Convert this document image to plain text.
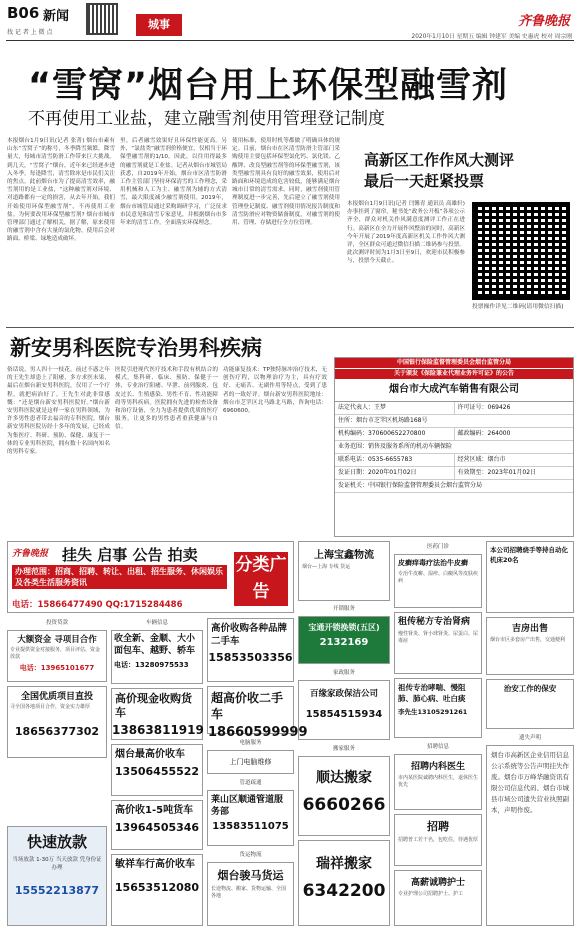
B06 新闻
找 记 者 上 微 点
城事	齐鲁晚报
2020年1月10日 星期五 编辑 钟建军 美编 史惠虎 校对 周宗刚
“雪窝”烟台用上环保型融雪剂
不再使用工业盐，建立融雪剂使用管理登记制度
本报烟台1月9日讯(记者 张菁) 烟台市素有山东“雪窝子”的称号，冬季降雪频繁，降雪量大，每城市清雪防滑工作带来巨大挑战。到几天，“雪窝子”烟台，近年来已经逐步进入冬季，每逢降雪，清雪除冰是市民们关注的焦点。此前烟台市为了提高清雪效率，融雪剂用的是工业盐，“这种融雪剂对环境、对道路都有一定的损害，从去年开始，我们开始使用环保型融雪剂”，不再使用工业盐。为何要改用环保型融雪剂? 烟台市城市管理部门通过了解相关，据了解，原来使用的融雪剂中含有大量的氯化物，使用后会对路面、桥梁、绿地造成破坏。
里，后者融雪效果好且环保性能更高。另外，“氯盐类”融雪剂价格便宜，仅相当于环保型融雪剂的1/10。因此，以往用得最多的融雪剂就是工业盐。记者从烟台市城管局获悉，自2019年开始，烟台市区清雪防滑工作主管部门坚持环保清雪的工作理念，采用机械和人工为主、融雪剂为辅的方式清雪，最大限度减少融雪剂使用。2019年，烟台市城管局通过采购调研学习，广泛征求市民意见和清雪专家意见，并根据烟台市多年来的清雪工作，全面落实环保理念。
使用标准，使用时机等都做了明确具体的规定。目前，烟台市在区清雪防滑主管部门采购使用主要包括环保型氯化钙、氯化镁、乙酸钾、改良型融雪剂等的环保型融雪剂，该类型融雪剂具有良好的融雪效果，使用后对路面和环境造成的危害较低，能够满足烟台城市日常的清雪需求。同时，融雪剂使用管理制度进一步完善，先后建立了融雪剂使用管理登记制度、融雪剂使用情况报告制度和清雪防滑应对物资储备制度，对融雪剂的使用、管理、存储进行全方位管理。
高新区工作作风大测评
最后一天赶紧投票
本报烟台1月9日讯(记者 闫馨青 通讯员 高雄轩) 办事挂到了窗帘，秘书处“政务公开板”各项公示齐全，群众对机关作风满意度测评工作正在进行。高新区在全力开展作风整治的同时，高新区今年开展了2019年度高新区机关工作作风大测评，全区群众可通过微信扫描二维码参与投票。此次测评时间为1月3日至9日，欢迎市民积极参与，投票今天截止。
投票操作详见二维码(请用微信扫描)
新安男科医院专治男科疾病
俗话说，男人四十一枝花，前过不惑之年的王先生却患上了阳痿，多方求医未果，最后在烟台新安男科医院，仅用了一个疗程，就把病治好了。王先生对此非常感慨：“还是烟台新安男科医院好。”烟台新安男科医院就是这样一家在男科领域，为许多男性患者带去福音的专科医院。烟台新安男科医院历经十多年的发展，已经成为集医疗、科研、预防、保健、康复于一体的专业男科医院，拥有数十名国内知名的男科专家。
医院引进现代医疗技术和手段有机结合的模式，集科研、临床、预防、保健于一体，专业治疗阳痿、早泄、前列腺炎、包皮过长、生殖感染、男性不育、性功能障碍等男科疾病。医院拥有先进的检查设备和治疗设备，全力为患者提供优质的医疗服务，让更多的男性患者重获健康与自信。
功能康复技术：TP独特脉冲治疗技术，无创伤疗程，以物理治疗为主，具有疗效好、无痛苦、无副作用等特点，受到了患者的一致好评。烟台新安男科医院地址：烟台市芝罘区北马路北马路，咨询电话：6960600。
中国银行保险监督管理委员会烟台监管分局
关于颁发《保险兼业代理业务许可证》的公告
烟台市大成汽车销售有限公司
法定代表人：王梦	许可证号：069426
住所：烟台市芝罘区机场路168号
机构编码：370600652270800	邮政编码：264000
业务范围：销售及服务系所的机动车辆保险
联系电话：0535-6655783	经营区域：烟台市
发证日期：2020年01月02日	有效期至：2023年01月02日
发证机关：中国银行保险监督管理委员会烟台监管分局
齐鲁晚报 挂失 启事 公告 拍卖
办理范围：招商、招聘、转让、出租、招生服务、休闲娱乐及各类生活服务资讯
电话：15866477490 QQ:1715284486
分类广告
投资贷款
大额资金 寻项目合作
专业提供资金对接服务，项目评估、资金放款
电话：13965101677
全国优质项目直投
寻全国各地项目合作，资金实力雄厚
18656377302
快速放款
当场放款 1-30万 当天放款 凭身份证办理
15552213877
车辆信息
收全新、金顺、大小面包车、越野、轿车
电话：13280975533
高价现金收购货车
13863811919
烟台最高价收车
13506455522
高价收1-5吨货车
13964505346
敏祥车行高价收车
15653512080
高价收购各种品牌二手车
15853503356
超高价收二手车
18660599999
电脑服务
上门电脑维修
管道疏通
莱山区顺通管道服务部
13583511075
货运物流
烟台骏马货运
长途物流、搬家、货物运输、全国各地
上海宝鑫物流
烟台—上海 专线 货运
开锁服务
宝通开锁换锁(五区)
2132169
家政服务
百缘家政保洁公司
15854515934
搬家服务
顺达搬家
6660266
瑞祥搬家
6342200
医药门诊
皮癣痒毒疗法治牛皮癣
专治牛皮癣、湿疹、白癜风等皮肤疾病
租传秘方专治肾病
慢性肾炎、肾小球肾炎、尿蛋白、尿毒症
祖传专治哮喘、慢阻肺、肺心病、吐白痰
李先生13105291261
招聘信息
招聘内科医生
市内某医院诚聘内科医生，退休医生优先
招聘
招聘普工若干名，包吃住，待遇优厚
高薪诚聘护士
专业护理公司招聘护士、护工
本公司招聘烧手等持自动化机床20名
吉房出售
烟台市区多套房产出售，交通便利
治安工作的保安
遗失声明
烟台市高新区企业信用信息公示系统等公告声明挂失作废。烟台市万峰华融资讯有限公司信息代码、烟台市城县市域公司遗失营业执照副本，声明作废。
